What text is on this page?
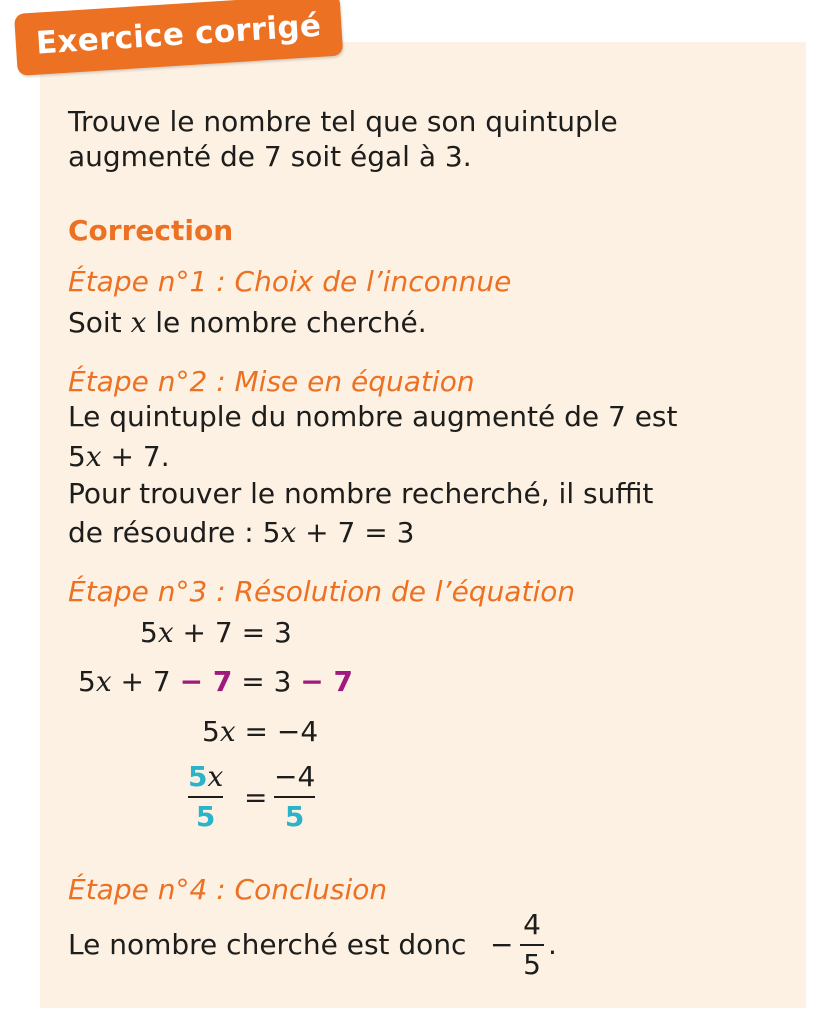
Exercice corrigé

Trouve le nombre tel que son quintuple

augmenté de 7 soit égal à 3.

Correction

Étape n°1 : Choix de l’inconnue

Soit x le nombre cherché.

Étape n°2 : Mise en équation

Le quintuple du nombre augmenté de 7 est

5x + 7.

Pour trouver le nombre recherché, il suffit

de résoudre : 5x + 7 = 3

Étape n°3 : Résolution de l’équation

5x + 7 = 3
5x + 7 − 7 = 3 − 7
5x = −4
5x
5
=
−4
5

Étape n°4 : Conclusion

Le nombre cherché est donc −
4
5
.
